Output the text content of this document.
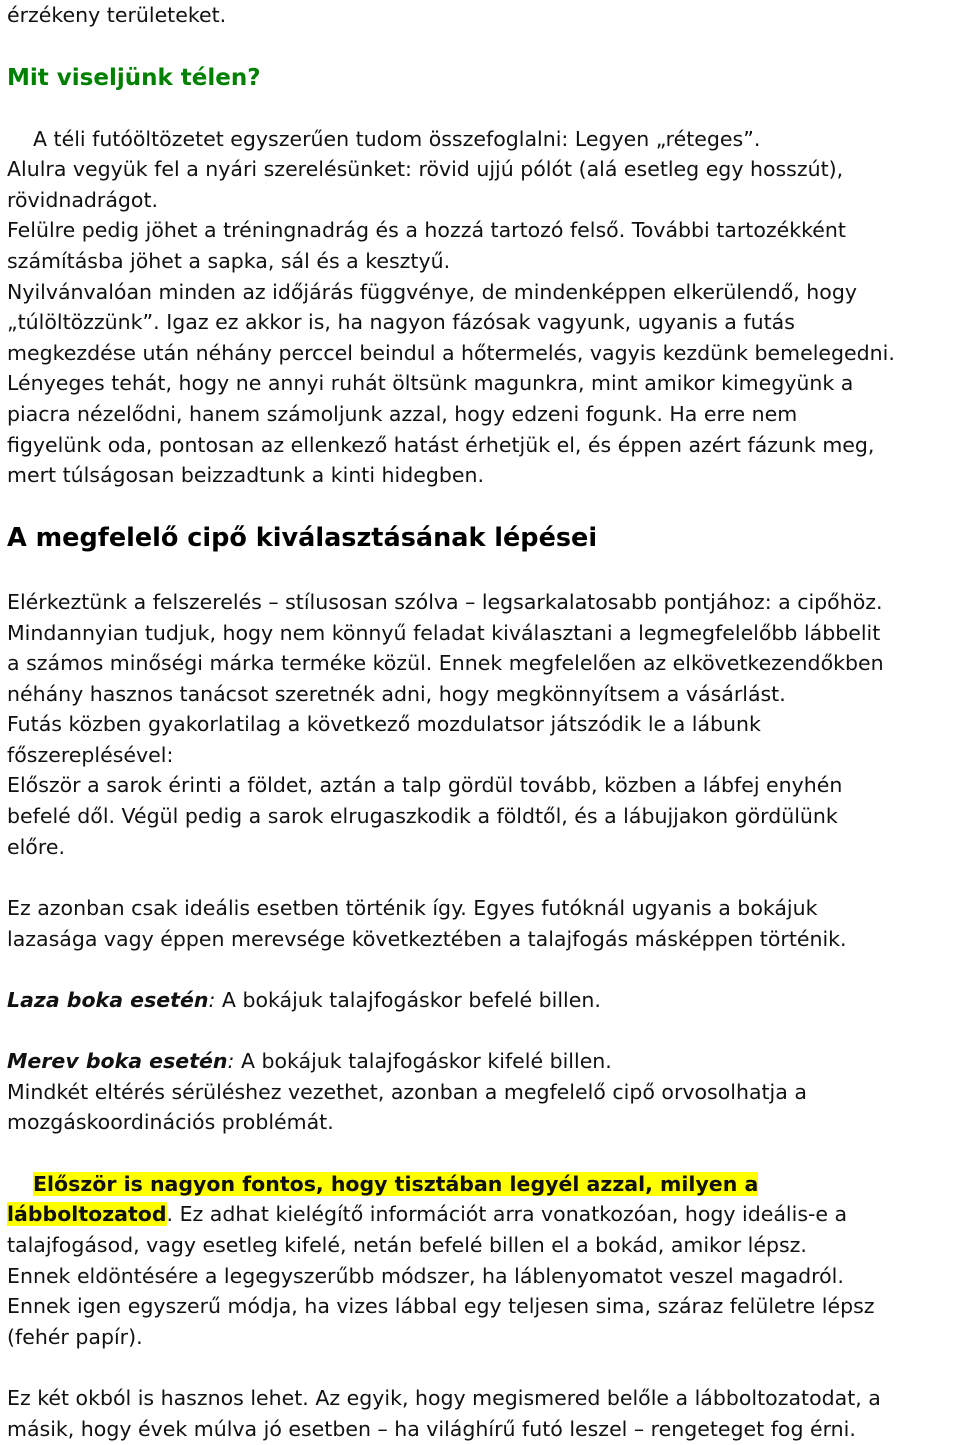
érzékeny területeket.
Mit viseljünk télen?
A téli futóöltözetet egyszerűen tudom összefoglalni: Legyen „réteges”.
Alulra vegyük fel a nyári szerelésünket: rövid ujjú pólót (alá esetleg egy hosszút),
rövidnadrágot.
Felülre pedig jöhet a tréningnadrág és a hozzá tartozó felső. További tartozékként
számításba jöhet a sapka, sál és a kesztyű.
Nyilvánvalóan minden az időjárás függvénye, de mindenképpen elkerülendő, hogy
„túlöltözzünk”. Igaz ez akkor is, ha nagyon fázósak vagyunk, ugyanis a futás
megkezdése után néhány perccel beindul a hőtermelés, vagyis kezdünk bemelegedni.
Lényeges tehát, hogy ne annyi ruhát öltsünk magunkra, mint amikor kimegyünk a
piacra nézelődni, hanem számoljunk azzal, hogy edzeni fogunk. Ha erre nem
figyelünk oda, pontosan az ellenkező hatást érhetjük el, és éppen azért fázunk meg,
mert túlságosan beizzadtunk a kinti hidegben.
A megfelelő cipő kiválasztásának lépései
Elérkeztünk a felszerelés – stílusosan szólva – legsarkalatosabb pontjához: a cipőhöz.
Mindannyian tudjuk, hogy nem könnyű feladat kiválasztani a legmegfelelőbb lábbelit
a számos minőségi márka terméke közül. Ennek megfelelően az elkövetkezendőkben
néhány hasznos tanácsot szeretnék adni, hogy megkönnyítsem a vásárlást.
Futás közben gyakorlatilag a következő mozdulatsor játszódik le a lábunk
főszereplésével:
Először a sarok érinti a földet, aztán a talp gördül tovább, közben a lábfej enyhén
befelé dől. Végül pedig a sarok elrugaszkodik a földtől, és a lábujjakon gördülünk
előre.
Ez azonban csak ideális esetben történik így. Egyes futóknál ugyanis a bokájuk
lazasága vagy éppen merevsége következtében a talajfogás másképpen történik.
Laza boka esetén: A bokájuk talajfogáskor befelé billen.
Merev boka esetén: A bokájuk talajfogáskor kifelé billen.
Mindkét eltérés sérüléshez vezethet, azonban a megfelelő cipő orvosolhatja a
mozgáskoordinációs problémát.
Először is nagyon fontos, hogy tisztában legyél azzal, milyen a
lábboltozatod. Ez adhat kielégítő információt arra vonatkozóan, hogy ideális-e a
talajfogásod, vagy esetleg kifelé, netán befelé billen el a bokád, amikor lépsz.
Ennek eldöntésére a legegyszerűbb módszer, ha láblenyomatot veszel magadról.
Ennek igen egyszerű módja, ha vizes lábbal egy teljesen sima, száraz felületre lépsz
(fehér papír).
Ez két okból is hasznos lehet. Az egyik, hogy megismered belőle a lábboltozatodat, a
másik, hogy évek múlva jó esetben – ha világhírű futó leszel – rengeteget fog érni.
